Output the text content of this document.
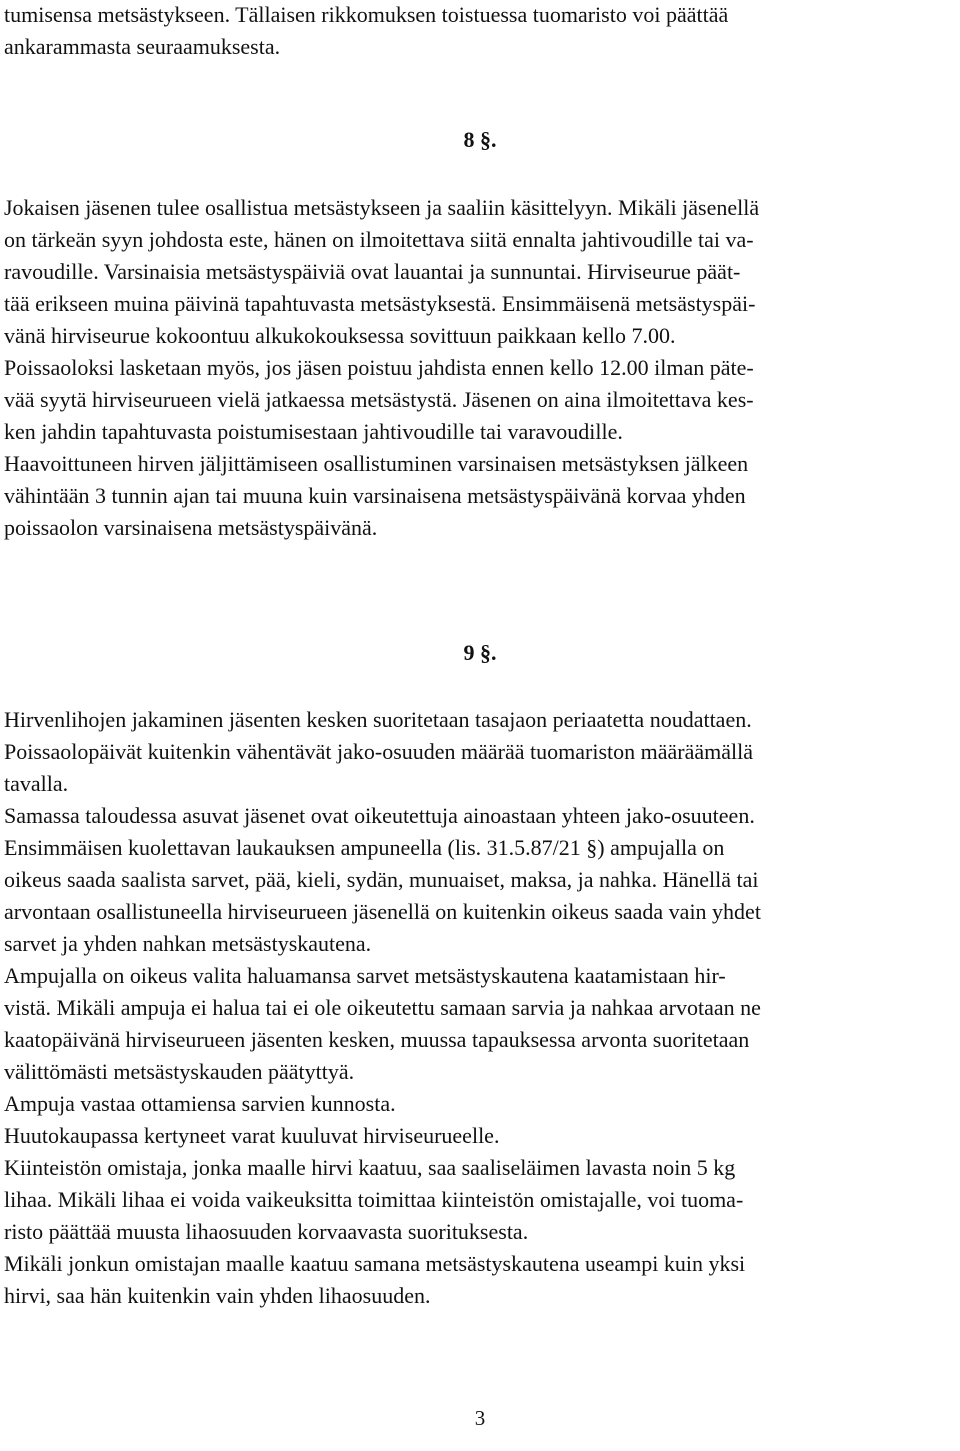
tumisensa metsästykseen. Tällaisen rikkomuksen toistuessa tuomaristo voi päättää
ankarammasta seuraamuksesta.
8 §.
Jokaisen jäsenen tulee osallistua metsästykseen ja saaliin käsittelyyn. Mikäli jäsenellä
on tärkeän syyn johdosta este, hänen on ilmoitettava siitä ennalta jahtivoudille tai va-
ravoudille. Varsinaisia metsästyspäiviä ovat lauantai ja sunnuntai. Hirviseurue päät-
tää erikseen muina päivinä tapahtuvasta metsästyksestä. Ensimmäisenä metsästyspäi-
vänä hirviseurue kokoontuu alkukokouksessa sovittuun paikkaan kello 7.00.
Poissaoloksi lasketaan myös, jos jäsen poistuu jahdista ennen kello 12.00 ilman päte-
vää syytä hirviseurueen vielä jatkaessa metsästystä. Jäsenen on aina ilmoitettava kes-
ken jahdin tapahtuvasta poistumisestaan jahtivoudille tai varavoudille.
Haavoittuneen hirven jäljittämiseen osallistuminen varsinaisen metsästyksen jälkeen
vähintään 3 tunnin ajan tai muuna kuin varsinaisena metsästyspäivänä korvaa yhden
poissaolon varsinaisena metsästyspäivänä.
9 §.
Hirvenlihojen jakaminen jäsenten kesken suoritetaan tasajaon periaatetta noudattaen.
Poissaolopäivät kuitenkin vähentävät jako-osuuden määrää tuomariston määräämällä
tavalla.
Samassa taloudessa asuvat jäsenet ovat oikeutettuja ainoastaan yhteen jako-osuuteen.
Ensimmäisen kuolettavan laukauksen ampuneella (lis. 31.5.87/21 §) ampujalla on
oikeus saada saalista sarvet, pää, kieli, sydän, munuaiset, maksa, ja nahka. Hänellä tai
arvontaan osallistuneella hirviseurueen jäsenellä on kuitenkin oikeus saada vain yhdet
sarvet ja yhden nahkan metsästyskautena.
Ampujalla on oikeus valita haluamansa sarvet metsästyskautena kaatamistaan hir-
vistä. Mikäli ampuja ei halua tai ei ole oikeutettu samaan sarvia ja nahkaa arvotaan ne
kaatopäivänä hirviseurueen jäsenten kesken, muussa tapauksessa arvonta suoritetaan
välittömästi metsästyskauden päätyttyä.
Ampuja vastaa ottamiensa sarvien kunnosta.
Huutokaupassa kertyneet varat kuuluvat hirviseurueelle.
Kiinteistön omistaja, jonka maalle hirvi kaatuu, saa saaliseläimen lavasta noin 5 kg
lihaa. Mikäli lihaa ei voida vaikeuksitta toimittaa kiinteistön omistajalle, voi tuoma-
risto päättää muusta lihaosuuden korvaavasta suorituksesta.
Mikäli jonkun omistajan maalle kaatuu samana metsästyskautena useampi kuin yksi
hirvi, saa hän kuitenkin vain yhden lihaosuuden.
3
